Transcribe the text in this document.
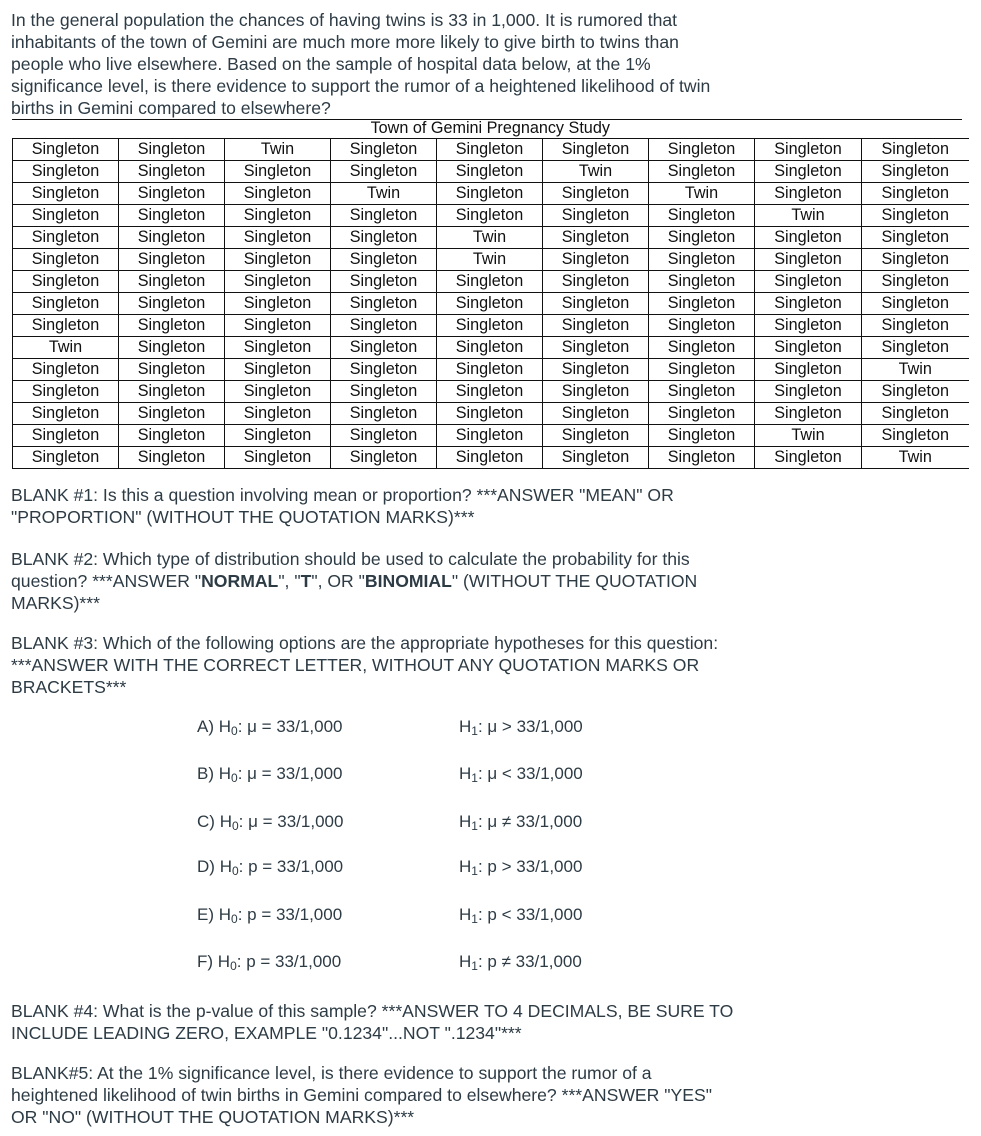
In the general population the chances of having twins is 33 in 1,000. It is rumored that inhabitants of the town of Gemini are much more more likely to give birth to twins than people who live elsewhere. Based on the sample of hospital data below, at the 1% significance level, is there evidence to support the rumor of a heightened likelihood of twin births in Gemini compared to elsewhere?

Town of Gemini Pregnancy Study
Singleton	Singleton	Twin	Singleton	Singleton	Singleton	Singleton	Singleton	Singleton
Singleton	Singleton	Singleton	Singleton	Singleton	Twin	Singleton	Singleton	Singleton
Singleton	Singleton	Singleton	Twin	Singleton	Singleton	Twin	Singleton	Singleton
Singleton	Singleton	Singleton	Singleton	Singleton	Singleton	Singleton	Twin	Singleton
Singleton	Singleton	Singleton	Singleton	Twin	Singleton	Singleton	Singleton	Singleton
Singleton	Singleton	Singleton	Singleton	Twin	Singleton	Singleton	Singleton	Singleton
Singleton	Singleton	Singleton	Singleton	Singleton	Singleton	Singleton	Singleton	Singleton
Singleton	Singleton	Singleton	Singleton	Singleton	Singleton	Singleton	Singleton	Singleton
Singleton	Singleton	Singleton	Singleton	Singleton	Singleton	Singleton	Singleton	Singleton
Twin	Singleton	Singleton	Singleton	Singleton	Singleton	Singleton	Singleton	Singleton
Singleton	Singleton	Singleton	Singleton	Singleton	Singleton	Singleton	Singleton	Twin
Singleton	Singleton	Singleton	Singleton	Singleton	Singleton	Singleton	Singleton	Singleton
Singleton	Singleton	Singleton	Singleton	Singleton	Singleton	Singleton	Singleton	Singleton
Singleton	Singleton	Singleton	Singleton	Singleton	Singleton	Singleton	Twin	Singleton
Singleton	Singleton	Singleton	Singleton	Singleton	Singleton	Singleton	Singleton	Twin

BLANK #1: Is this a question involving mean or proportion? ***ANSWER "MEAN" OR "PROPORTION" (WITHOUT THE QUOTATION MARKS)***

BLANK #2: Which type of distribution should be used to calculate the probability for this question? ***ANSWER "NORMAL", "T", OR "BINOMIAL" (WITHOUT THE QUOTATION MARKS)***

BLANK #3: Which of the following options are the appropriate hypotheses for this question: ***ANSWER WITH THE CORRECT LETTER, WITHOUT ANY QUOTATION MARKS OR BRACKETS***

A) $H_0$: μ = 33/1,000	$H_1$: μ > 33/1,000
B) $H_0$: μ = 33/1,000	$H_1$: μ < 33/1,000
C) $H_0$: μ = 33/1,000	$H_1$: μ ≠ 33/1,000
D) $H_0$: p = 33/1,000	$H_1$: p > 33/1,000
E) $H_0$: p = 33/1,000	$H_1$: p < 33/1,000
F) $H_0$: p = 33/1,000	$H_1$: p ≠ 33/1,000

BLANK #4: What is the p-value of this sample? ***ANSWER TO 4 DECIMALS, BE SURE TO INCLUDE LEADING ZERO, EXAMPLE "0.1234"...NOT ".1234"***

BLANK#5: At the 1% significance level, is there evidence to support the rumor of a heightened likelihood of twin births in Gemini compared to elsewhere? ***ANSWER "YES" OR "NO" (WITHOUT THE QUOTATION MARKS)***
